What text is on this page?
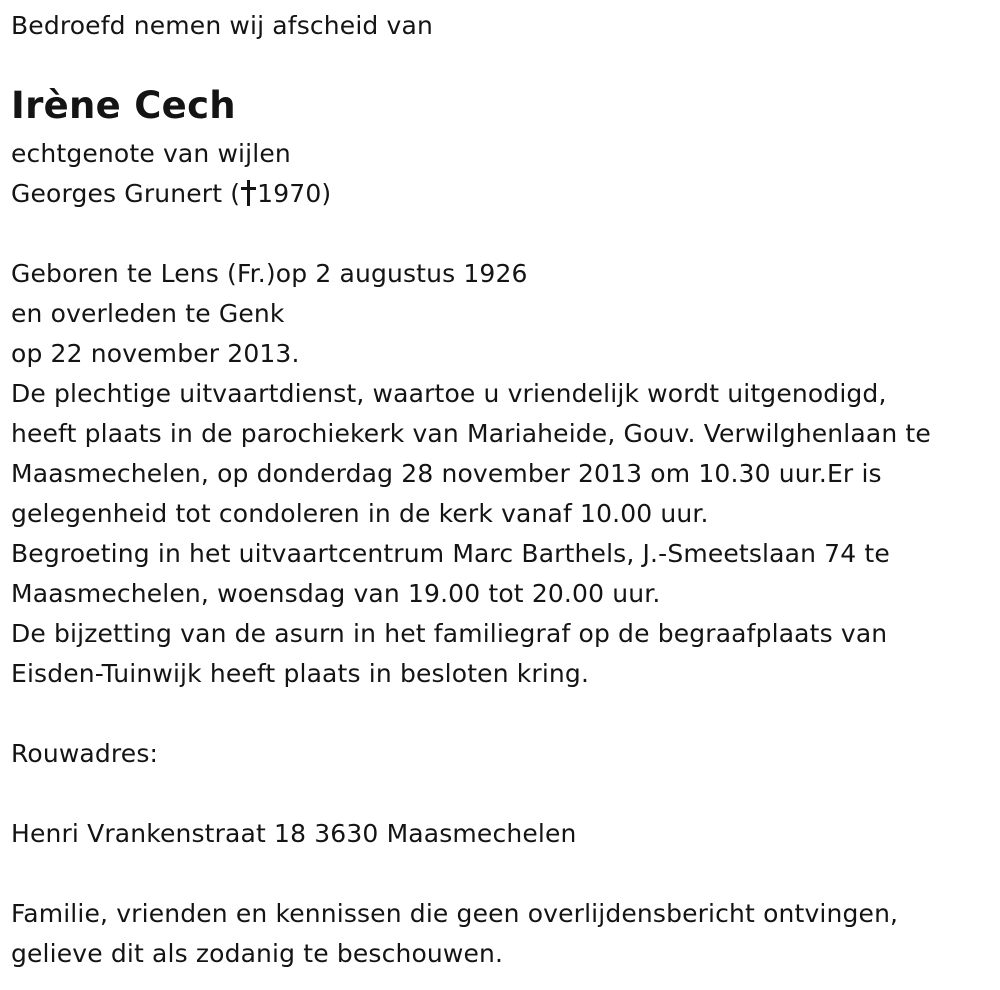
Bedroefd nemen wij afscheid van
Irène Cech
echtgenote van wijlen
Georges Grunert ( 1970)
Geboren te Lens (Fr.)op 2 augustus 1926
en overleden te Genk
op 22 november 2013.
De plechtige uitvaartdienst, waartoe u vriendelijk wordt uitgenodigd,
heeft plaats in de parochiekerk van Mariaheide, Gouv. Verwilghenlaan te
Maasmechelen, op donderdag 28 november 2013 om 10.30 uur.Er is
gelegenheid tot condoleren in de kerk vanaf 10.00 uur.
Begroeting in het uitvaartcentrum Marc Barthels, J.-Smeetslaan 74 te
Maasmechelen, woensdag van 19.00 tot 20.00 uur.
De bijzetting van de asurn in het familiegraf op de begraafplaats van
Eisden-Tuinwijk heeft plaats in besloten kring.
Rouwadres:
Henri Vrankenstraat 18 3630 Maasmechelen
Familie, vrienden en kennissen die geen overlijdensbericht ontvingen,
gelieve dit als zodanig te beschouwen.
